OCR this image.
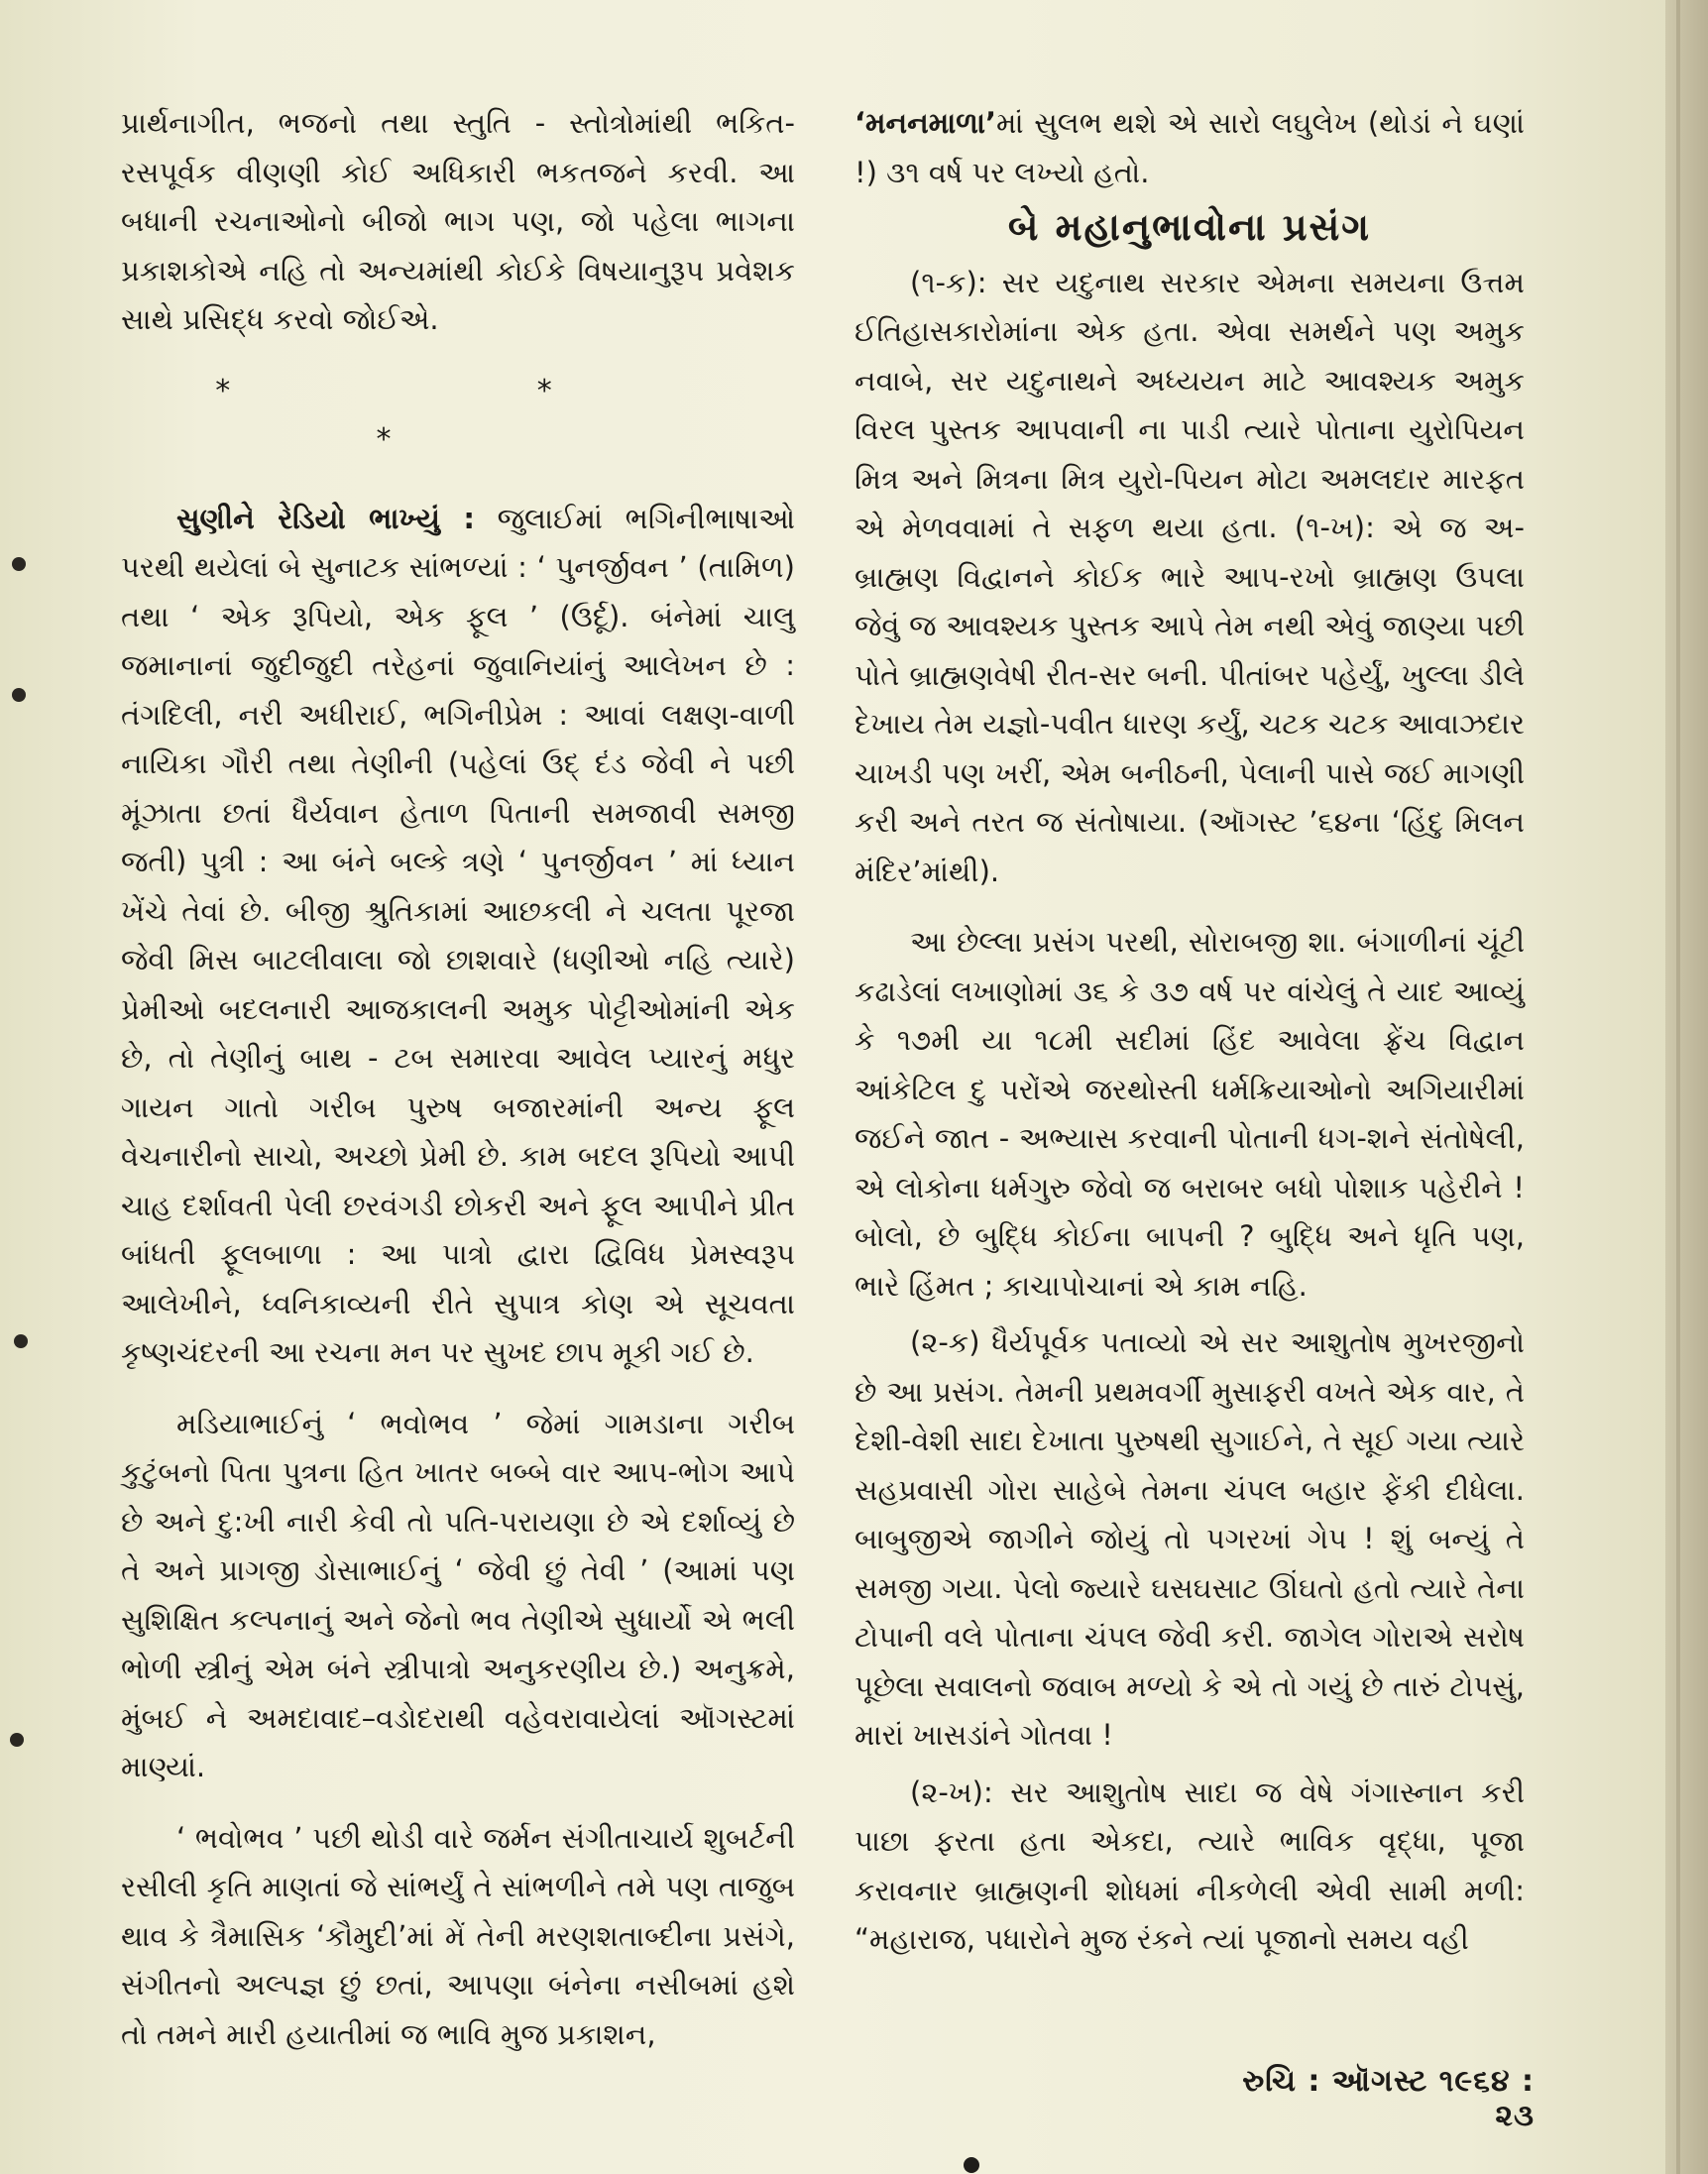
પ્રાર્થનાગીત, ભજનો તથા સ્તુતિ - સ્તોત્રોમાંથી ભકિત-રસપૂર્વક વીણણી કોઈ અધિકારી ભકતજને કરવી. આ બધાની રચનાઓનો બીજો ભાગ પણ, જો પહેલા ભાગના પ્રકાશકોએ નહિ તો અન્યમાંથી કોઈકે વિષયાનુરૂપ પ્રવેશક સાથે પ્રસિદ્ધ કરવો જોઈએ.

* * *

સુણીને રેડિયો ભાખ્યું : જુલાઈમાં ભગિનીભાષાઓ પરથી થયેલાં બે સુનાટક સાંભળ્યાં : ‘ પુનર્જીવન ’ (તામિળ) તથા ‘ એક રૂપિયો, એક ફૂલ ’ (ઉર્દૂ). બંનેમાં ચાલુ જમાનાનાં જુદીજુદી તરેહનાં જુવાનિયાંનું આલેખન છે : તંગદિલી, નરી અધીરાઈ, ભગિનીપ્રેમ : આવાં લક્ષણ-વાળી નાયિકા ગૌરી તથા તેણીની (પહેલાં ઉદ્ દંડ જેવી ને પછી મૂંઝાતા છતાં ધૈર્યવાન હેતાળ પિતાની સમજાવી સમજી જતી) પુત્રી : આ બંને બલ્કે ત્રણે ‘ પુનર્જીવન ’ માં ધ્યાન ખેંચે તેવાં છે. બીજી શ્રુતિકામાં આછકલી ને ચલતા પૂરજા જેવી મિસ બાટલીવાલા જો છાશવારે (ધણીઓ નહિ ત્યારે) પ્રેમીઓ બદલનારી આજકાલની અમુક પોટ્ટીઓમાંની એક છે, તો તેણીનું બાથ - ટબ સમારવા આવેલ પ્યારનું મધુર ગાયન ગાતો ગરીબ પુરુષ બજારમાંની અન્ય ફૂલ વેચનારીનો સાચો, અચ્છો પ્રેમી છે. કામ બદલ રૂપિયો આપી ચાહ દર્શાવતી પેલી છરવંગડી છોકરી અને ફૂલ આપીને પ્રીત બાંધતી ફૂલબાળા : આ પાત્રો દ્વારા દ્વિવિધ પ્રેમસ્વરૂપ આલેખીને, ધ્વનિકાવ્યની રીતે સુપાત્ર કોણ એ સૂચવતા કૃષ્ણચંદરની આ રચના મન પર સુખદ છાપ મૂકી ગઈ છે.

મડિયાભાઈનું ‘ ભવોભવ ’ જેમાં ગામડાના ગરીબ કુટુંબનો પિતા પુત્રના હિત ખાતર બબ્બે વાર આપ-ભોગ આપે છે અને દુ:ખી નારી કેવી તો પતિ-પરાયણા છે એ દર્શાવ્યું છે તે અને પ્રાગજી ડોસાભાઈનું ‘ જેવી છું તેવી ’ (આમાં પણ સુશિક્ષિત કલ્પનાનું અને જેનો ભવ તેણીએ સુધાર્યો એ ભલી ભોળી સ્ત્રીનું એમ બંને સ્ત્રીપાત્રો અનુકરણીય છે.) અનુક્રમે, મુંબઈ ને અમદાવાદ–વડોદરાથી વહેવરાવાયેલાં ઑગસ્ટમાં માણ્યાં.

‘ ભવોભવ ’ પછી થોડી વારે જર્મન સંગીતાચાર્ય શુબર્ટની રસીલી કૃતિ માણતાં જે સાંભર્યું તે સાંભળીને તમે પણ તાજુબ થાવ કે ત્રૈમાસિક ‘કૌમુદી’માં મેં તેની મરણશતાબ્દીના પ્રસંગે, સંગીતનો અલ્પજ્ઞ છું છતાં, આપણા બંનેના નસીબમાં હશે તો તમને મારી હયાતીમાં જ ભાવિ મુજ પ્રકાશન,

‘મનનમાળા’માં સુલભ થશે એ સારો લઘુલેખ (થોડાં ને ઘણાં !) ૩૧ વર્ષ પર લખ્યો હતો.

બે મહાનુભાવોના પ્રસંગ

(૧-ક): સર યદુનાથ સરકાર એમના સમયના ઉત્તમ ઈતિહાસકારોમાંના એક હતા. એવા સમર્થને પણ અમુક નવાબે, સર યદુનાથને અધ્યયન માટે આવશ્યક અમુક વિરલ પુસ્તક આપવાની ના પાડી ત્યારે પોતાના યુરોપિયન મિત્ર અને મિત્રના મિત્ર યુરો-પિયન મોટા અમલદાર મારફત એ મેળવવામાં તે સફળ થયા હતા. (૧-ખ): એ જ અ-બ્રાહ્મણ વિદ્વાનને કોઈક ભારે આપ-રખો બ્રાહ્મણ ઉપલા જેવું જ આવશ્યક પુસ્તક આપે તેમ નથી એવું જાણ્યા પછી પોતે બ્રાહ્મણવેષી રીત-સર બની. પીતાંબર પહેર્યું, ખુલ્લા ડીલે દેખાય તેમ યજ્ઞો-પવીત ધારણ કર્યું, ચટક ચટક આવાઝદાર ચાખડી પણ ખરીં, એમ બનીઠની, પેલાની પાસે જઈ માગણી કરી અને તરત જ સંતોષાયા. (ઑગસ્ટ ’૬૪ના ‘હિંદુ મિલન મંદિર’માંથી).

આ છેલ્લા પ્રસંગ પરથી, સોરાબજી શા. બંગાળીનાં ચૂંટી કઢાડેલાં લખાણોમાં ૩૬ કે ૩૭ વર્ષ પર વાંચેલું તે યાદ આવ્યું કે ૧૭મી યા ૧૮મી સદીમાં હિંદ આવેલા ફ્રેંચ વિદ્વાન આંકેટિલ દુ પરોંએ જરથોસ્તી ધર્મક્રિયાઓનો અગિયારીમાં જઈને જાત - અભ્યાસ કરવાની પોતાની ધગ-શને સંતોષેલી, એ લોકોના ધર્મગુરુ જેવો જ બરાબર બધો પોશાક પહેરીને ! બોલો, છે બુદ્ધિ કોઈના બાપની ? બુદ્ધિ અને ધૃતિ પણ, ભારે હિંમત ; કાચાપોચાનાં એ કામ નહિ.

(૨-ક) ધૈર્યપૂર્વક પતાવ્યો એ સર આશુતોષ મુખરજીનો છે આ પ્રસંગ. તેમની પ્રથમવર્ગી મુસાફરી વખતે એક વાર, તે દેશી-વેશી સાદા દેખાતા પુરુષથી સુગાઈને, તે સૂઈ ગયા ત્યારે સહપ્રવાસી ગોરા સાહેબે તેમના ચંપલ બહાર ફેંકી દીધેલા. બાબુજીએ જાગીને જોયું તો પગરખાં ગેપ ! શું બન્યું તે સમજી ગયા. પેલો જ્યારે ઘસઘસાટ ઊંઘતો હતો ત્યારે તેના ટોપાની વલે પોતાના ચંપલ જેવી કરી. જાગેલ ગોરાએ સરોષ પૂછેલા સવાલનો જવાબ મળ્યો કે એ તો ગયું છે તારું ટોપસું, મારાં ખાસડાંને ગોતવા !

(૨-ખ): સર આશુતોષ સાદા જ વેષે ગંગાસ્નાન કરી પાછા ફરતા હતા એકદા, ત્યારે ભાવિક વૃદ્ધા, પૂજા કરાવનાર બ્રાહ્મણની શોધમાં નીકળેલી એવી સામી મળી: “મહારાજ, પધારોને મુજ રંકને ત્યાં પૂજાનો સમય વહી

રુચિ : ઑગસ્ટ ૧૯૬૪ : ૨૩
